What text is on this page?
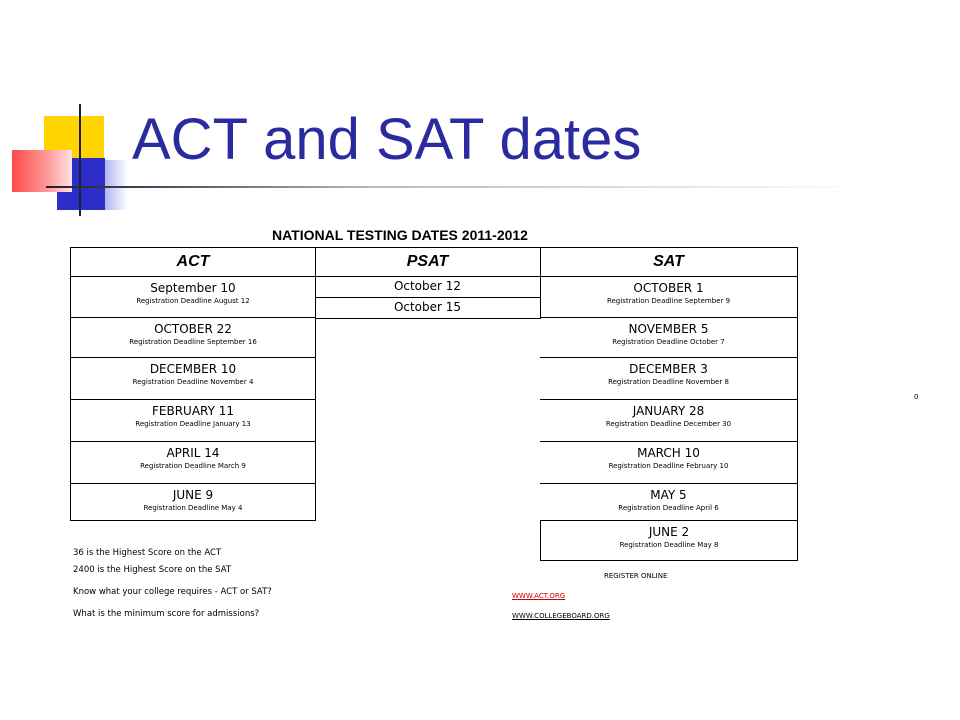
ACT and SAT dates
NATIONAL TESTING DATES 2011-2012
ACT	PSAT	SAT
September 10
Registration Deadline August 12
OCTOBER 22
Registration Deadline September 16
DECEMBER 10
Registration Deadline November 4
FEBRUARY 11
Registration Deadline January 13
APRIL 14
Registration Deadline March 9
JUNE 9
Registration Deadline May 4
October 12
October 15
OCTOBER 1
Registration Deadline September 9
NOVEMBER 5
Registration Deadline October 7
DECEMBER 3
Registration Deadline November 8
JANUARY 28
Registration Deadline December 30
MARCH 10
Registration Deadline February 10
MAY 5
Registration Deadline April 6
JUNE 2
Registration Deadline May 8
36 is the Highest Score on the ACT
2400 is the Highest Score on the SAT
Know what your college requires - ACT or SAT?
What is the minimum score for admissions?
REGISTER ONLINE
WWW.ACT.ORG
WWW.COLLEGEBOARD.ORG
0
